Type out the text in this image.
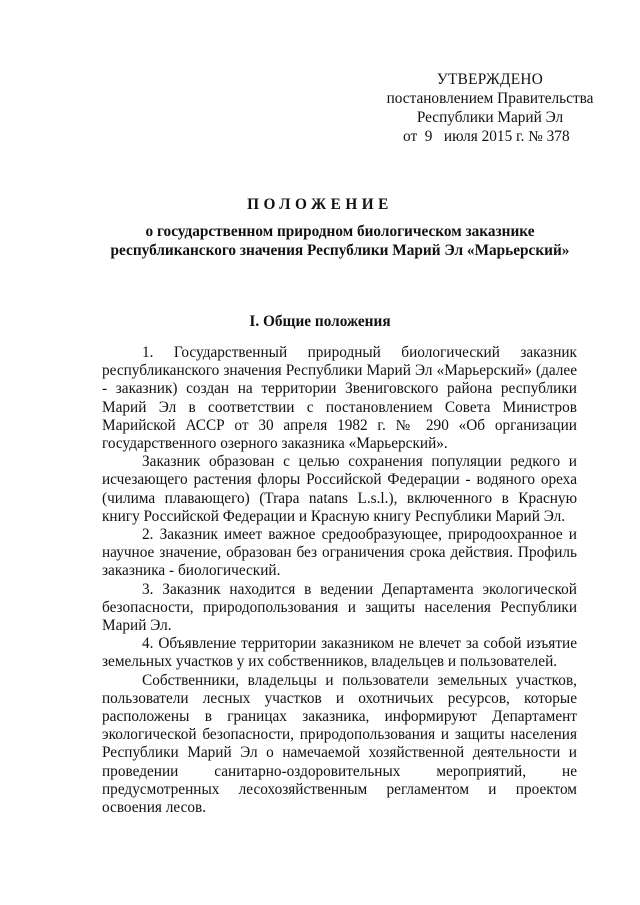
УТВЕРЖДЕНО
постановлением Правительства
Республики Марий Эл
от  9   июля 2015 г. № 378
ПОЛОЖЕНИЕ
о государственном природном биологическом заказнике
республиканского значения Республики Марий Эл «Марьерский»
I. Общие положения

1. Государственный природный биологический заказник республиканского значения Республики Марий Эл «Марьерский» (далее - заказник) создан на территории Звениговского района республики Марий Эл в соответствии с постановлением Совета Министров Марийской АССР от 30 апреля 1982 г. № 290 «Об организации государственного озерного заказника «Марьерский».

Заказник образован с целью сохранения популяции редкого и исчезающего растения флоры Российской Федерации - водяного ореха (чилима плавающего) (Trapa natans L.s.l.), включенного в Красную книгу Российской Федерации и Красную книгу Республики Марий Эл.

2. Заказник имеет важное средообразующее, природоохранное и научное значение, образован без ограничения срока действия. Профиль заказника - биологический.

3. Заказник находится в ведении Департамента экологической безопасности, природопользования и защиты населения Республики Марий Эл.

4. Объявление территории заказником не влечет за собой изъятие земельных участков у их собственников, владельцев и пользователей.

Собственники, владельцы и пользователи земельных участков, пользователи лесных участков и охотничьих ресурсов, которые расположены в границах заказника, информируют Департамент экологической безопасности, природопользования и защиты населения Республики Марий Эл о намечаемой хозяйственной деятельности и проведении санитарно-оздоровительных мероприятий, не предусмотренных лесохозяйственным регламентом и проектом освоения лесов.
